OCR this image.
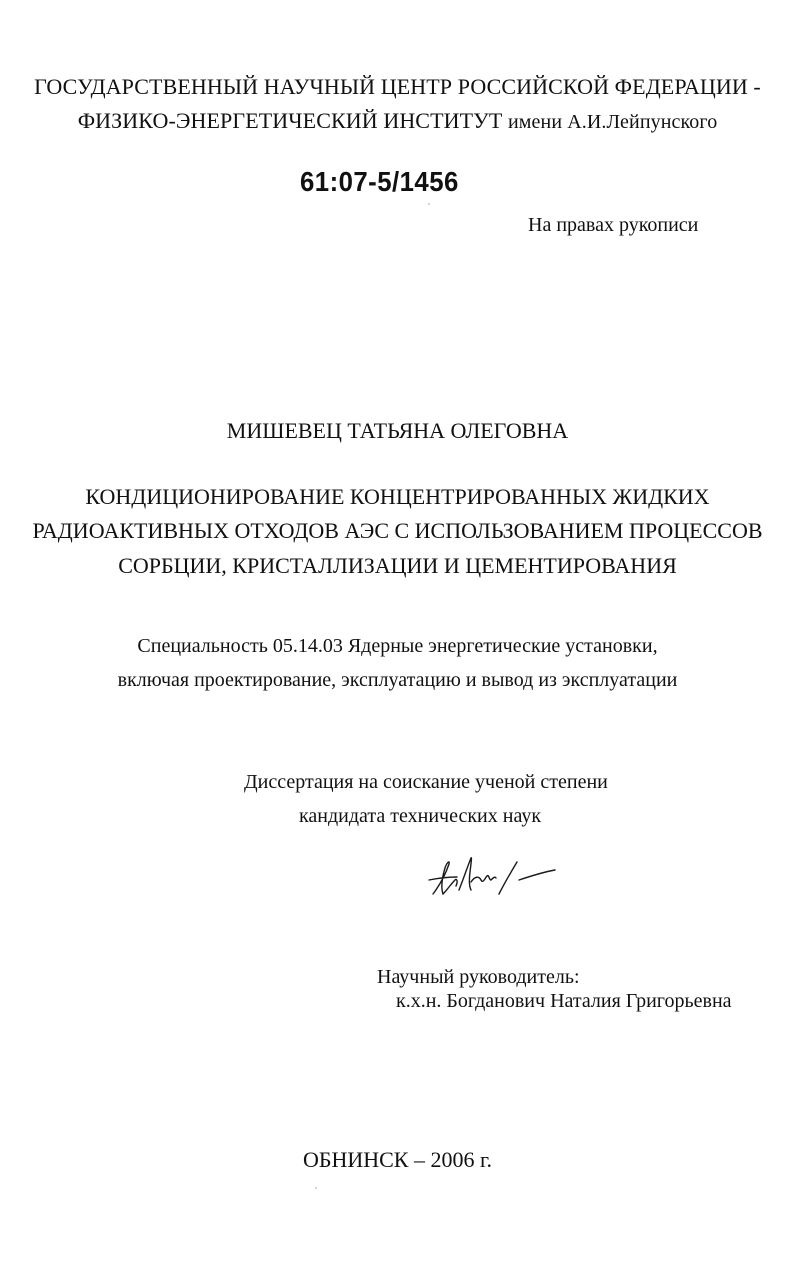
ГОСУДАРСТВЕННЫЙ НАУЧНЫЙ ЦЕНТР РОССИЙСКОЙ ФЕДЕРАЦИИ -
ФИЗИКО-ЭНЕРГЕТИЧЕСКИЙ ИНСТИТУТ имени А.И.Лейпунского
61:07-5/1456
На правах рукописи
МИШЕВЕЦ ТАТЬЯНА ОЛЕГОВНА
КОНДИЦИОНИРОВАНИЕ КОНЦЕНТРИРОВАННЫХ ЖИДКИХ
РАДИОАКТИВНЫХ ОТХОДОВ АЭС С ИСПОЛЬЗОВАНИЕМ ПРОЦЕССОВ
СОРБЦИИ, КРИСТАЛЛИЗАЦИИ И ЦЕМЕНТИРОВАНИЯ
Специальность 05.14.03 Ядерные энергетические установки,
включая проектирование, эксплуатацию и вывод из эксплуатации
Диссертация на соискание ученой степени
кандидата технических наук
Научный руководитель:
к.х.н. Богданович Наталия Григорьевна
ОБНИНСК – 2006 г.
